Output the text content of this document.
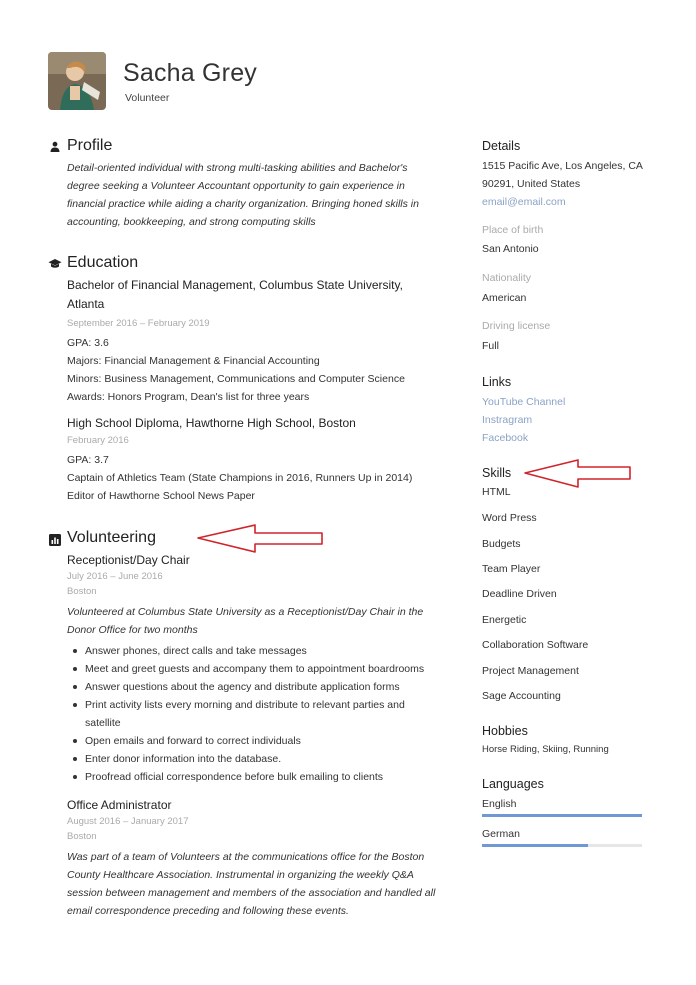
Sacha Grey
Volunteer
Profile
Detail-oriented individual with strong multi-tasking abilities and Bachelor's
degree seeking a Volunteer Accountant opportunity to gain experience in
financial practice while aiding a charity organization. Bringing honed skills in
accounting, bookkeeping, and strong computing skills
Education
Bachelor of Financial Management, Columbus State University,
Atlanta
September 2016 – February 2019
GPA: 3.6
Majors: Financial Management & Financial Accounting
Minors: Business Management, Communications and Computer Science
Awards: Honors Program, Dean's list for three years
High School Diploma, Hawthorne High School, Boston
February 2016
GPA: 3.7
Captain of Athletics Team (State Champions in 2016, Runners Up in 2014)
Editor of Hawthorne School News Paper
Volunteering
Receptionist/Day Chair
July 2016 – June 2016
Boston
Volunteered at Columbus State University as a Receptionist/Day Chair in the
Donor Office for two months
Answer phones, direct calls and take messages
Meet and greet guests and accompany them to appointment boardrooms
Answer questions about the agency and distribute application forms
Print activity lists every morning and distribute to relevant parties and
satellite
Open emails and forward to correct individuals
Enter donor information into the database.
Proofread official correspondence before bulk emailing to clients
Office Administrator
August 2016 – January 2017
Boston
Was part of a team of Volunteers at the communications office for the Boston
County Healthcare Association. Instrumental in organizing the weekly Q&A
session between management and members of the association and handled all
email correspondence preceding and following these events.
Details
1515 Pacific Ave, Los Angeles, CA
90291, United States
email@email.com
Place of birth
San Antonio
Nationality
American
Driving license
Full
Links
YouTube Channel
Instragram
Facebook
Skills
HTML
Word Press
Budgets
Team Player
Deadline Driven
Energetic
Collaboration Software
Project Management
Sage Accounting
Hobbies
Horse Riding, Skiing, Running
Languages
English
German
